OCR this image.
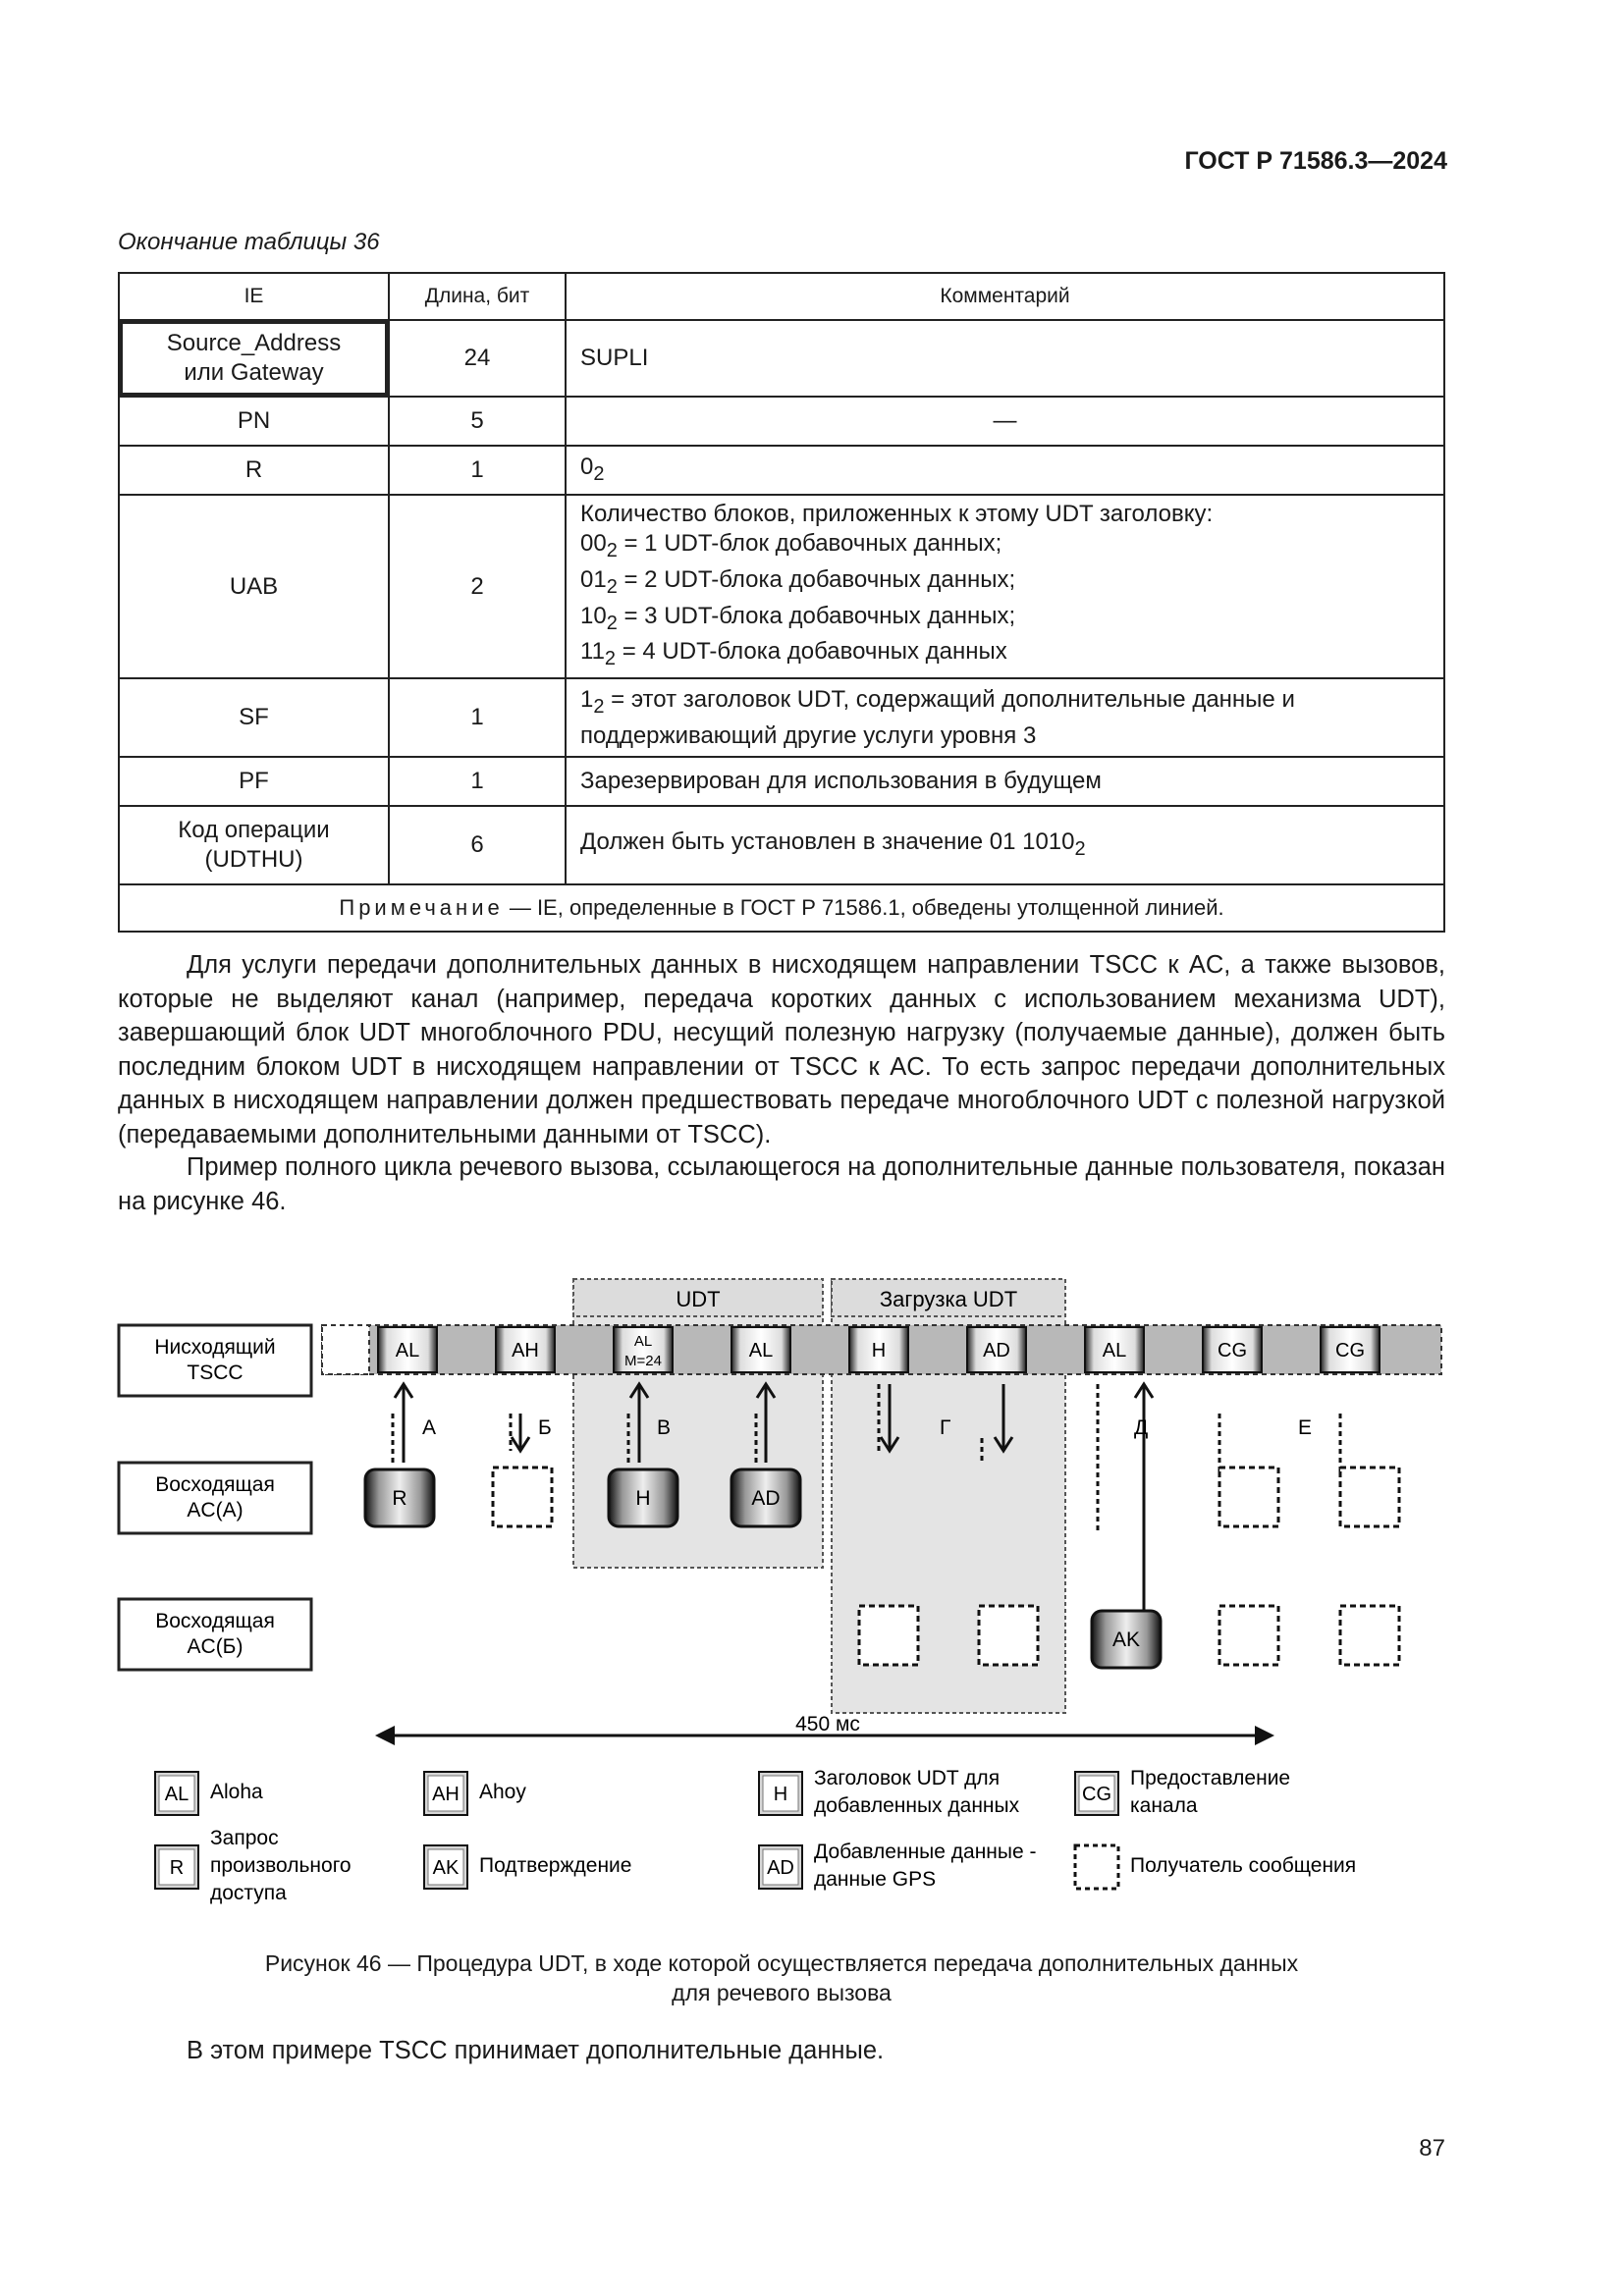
ГОСТ Р 71586.3—2024
Окончание таблицы 36
IE	Длина, бит	Комментарий
Source_Address
или Gateway	24	SUPLI
PN	5	—
R	1	$0_2$
UAB	2	Количество блоков, приложенных к этому UDT заголовку:
$00_2 = 1$ UDT-блок добавочных данных;
$01_2 = 2$ UDT-блока добавочных данных;
$10_2 = 3$ UDT-блока добавочных данных;
$11_2 = 4$ UDT-блока добавочных данных
SF	1	$1_2$ = этот заголовок UDT, содержащий дополнительные данные и поддерживающий другие услуги уровня 3
PF	1	Зарезервирован для использования в будущем
Код операции
(UDTHU)	6	Должен быть установлен в значение 01 $1010_2$
Примечание — IE, определенные в ГОСТ Р 71586.1, обведены утолщенной линией.		
Для услуги передачи дополнительных данных в нисходящем направлении TSCC к AC, а также вызовов, которые не выделяют канал (например, передача коротких данных с использованием механизма UDT), завершающий блок UDT многоблочного PDU, несущий полезную нагрузку (получаемые данные), должен быть последним блоком UDT в нисходящем направлении от TSCC к AC. То есть запрос передачи дополнительных данных в нисходящем направлении должен предшествовать передаче многоблочного UDT с полезной нагрузкой (передаваемыми дополнительными данными от TSCC).
Пример полного цикла речевого вызова, ссылающегося на дополнительные данные пользователя, показан на рисунке 46.
UDT	Загрузка UDT
Нисходящий
TSCC
Восходящая
AC(A)
Восходящая
AC(Б)
AL	AH	AL
M=24	AL	H	AD	AL	CG	CG
А	Б	В	Г	Д	Е
R	H	AD
AK
450 мс
AL Aloha	AH Ahoy	H
Заголовок UDT для
добавленных данных	CG
Предоставление
канала
R
Запрос
произвольного
доступа
AK Подтверждение	AD
Добавленные данные -
данные GPS
Получатель сообщения
Рисунок 46 — Процедура UDT, в ходе которой осуществляется передача дополнительных данных
для речевого вызова
В этом примере TSCC принимает дополнительные данные.
87
